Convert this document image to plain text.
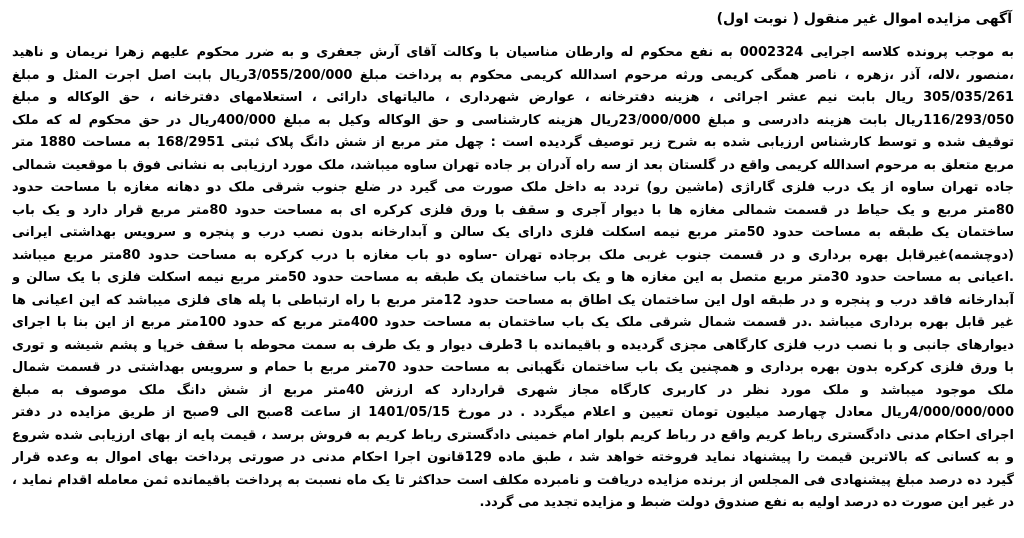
آگهی مزایده اموال غیر منقول ( نوبت اول)
به موجب پرونده کلاسه اجرایی 0002324 به نفع محکوم له وارطان مناسیان با وکالت آقای آرش جعفری و به ضرر محکوم علیهم زهرا نریمان و ناهید
،منصور ،لاله، آذر ،زهره ، ناصر همگی کریمی ورثه مرحوم اسدالله کریمی محکوم به پرداخت مبلغ 3/055/200/000ریال بابت اصل اجرت المثل و مبلغ
305/035/261 ریال بابت نیم عشر اجرائی ، هزینه دفترخانه ، عوارض شهرداری ، مالیاتهای دارائی ، استعلامهای دفترخانه ، حق الوکاله و مبلغ
116/293/050ریال بابت هزینه دادرسی و مبلغ 23/000/000ریال هزینه کارشناسی و حق الوکاله وکیل به مبلغ 400/000ریال در حق محکوم له که ملک
توقیف شده و توسط کارشناس ارزیابی شده به شرح زیر توصیف گردیده است : چهل متر مربع از شش دانگ پلاک ثبتی 168/2951 به مساحت 1880 متر
مربع متعلق به مرحوم اسدالله کریمی واقع در گلستان بعد از سه راه آدران بر جاده تهران ساوه میباشد، ملک مورد ارزیابی به نشانی فوق با موقعیت شمالی
جاده تهران ساوه از یک درب فلزی گاراژی (ماشین رو) تردد به داخل ملک صورت می گیرد در ضلع جنوب شرقی ملک دو دهانه مغازه با مساحت حدود
80متر مربع و یک حیاط در قسمت شمالی مغازه ها با دیوار آجری و سقف با ورق فلزی کرکره ای به مساحت حدود 80متر مربع قرار دارد و یک باب
ساختمان یک طبقه به مساحت حدود 50متر مربع نیمه اسکلت فلزی دارای یک سالن و آبدارخانه بدون نصب درب و پنجره و سرویس بهداشتی ایرانی
(دوچشمه)غیرقابل بهره برداری و در قسمت جنوب غربی ملک برجاده تهران -ساوه دو باب مغازه با درب کرکره به مساحت حدود 80متر مربع میباشد
.اعیانی به مساحت حدود 30متر مربع متصل به این مغازه ها و یک باب ساختمان یک طبقه به مساحت حدود 50متر مربع نیمه اسکلت فلزی با یک سالن و
آبدارخانه فاقد درب و پنجره و در طبقه اول این ساختمان یک اطاق به مساحت حدود 12متر مربع با راه ارتباطی با پله های فلزی میباشد که این اعیانی ها
غیر قابل بهره برداری میباشد .در قسمت شمال شرقی ملک یک باب ساختمان به مساحت حدود 400متر مربع که حدود 100متر مربع از این بنا با اجرای
دیوارهای جانبی و با نصب درب فلزی کارگاهی مجزی گردیده و باقیمانده با 3طرف دیوار و یک طرف به سمت محوطه با سقف خرپا و پشم شیشه و توری
با ورق فلزی کرکره بدون بهره برداری و همچنین یک باب ساختمان نگهبانی به مساحت حدود 70متر مربع با حمام و سرویس بهداشتی در قسمت شمال
ملک موجود میباشد و ملک مورد نظر در کاربری کارگاه مجاز شهری قراردارد که ارزش 40متر مربع از شش دانگ ملک موصوف به مبلغ
4/000/000/000ریال معادل چهارصد میلیون تومان تعیین و اعلام میگردد . در مورخ 1401/05/15 از ساعت 8صبح الی 9صبح از طریق مزایده در دفتر
اجرای احکام مدنی دادگستری رباط کریم واقع در رباط کریم بلوار امام خمینی دادگستری رباط کریم به فروش برسد ، قیمت پایه از بهای ارزیابی شده شروع
و به کسانی که بالاترین قیمت را پیشنهاد نماید فروخته خواهد شد ، طبق ماده 129قانون اجرا احکام مدنی در صورتی پرداخت بهای اموال به وعده قرار
گیرد ده درصد مبلغ پیشنهادی فی المجلس از برنده مزایده دریافت و نامبرده مکلف است حداکثر تا یک ماه نسبت به پرداخت باقیمانده ثمن معامله اقدام نماید ،
در غیر این صورت ده درصد اولیه به نفع صندوق دولت ضبط و مزایده تجدید می گردد.
